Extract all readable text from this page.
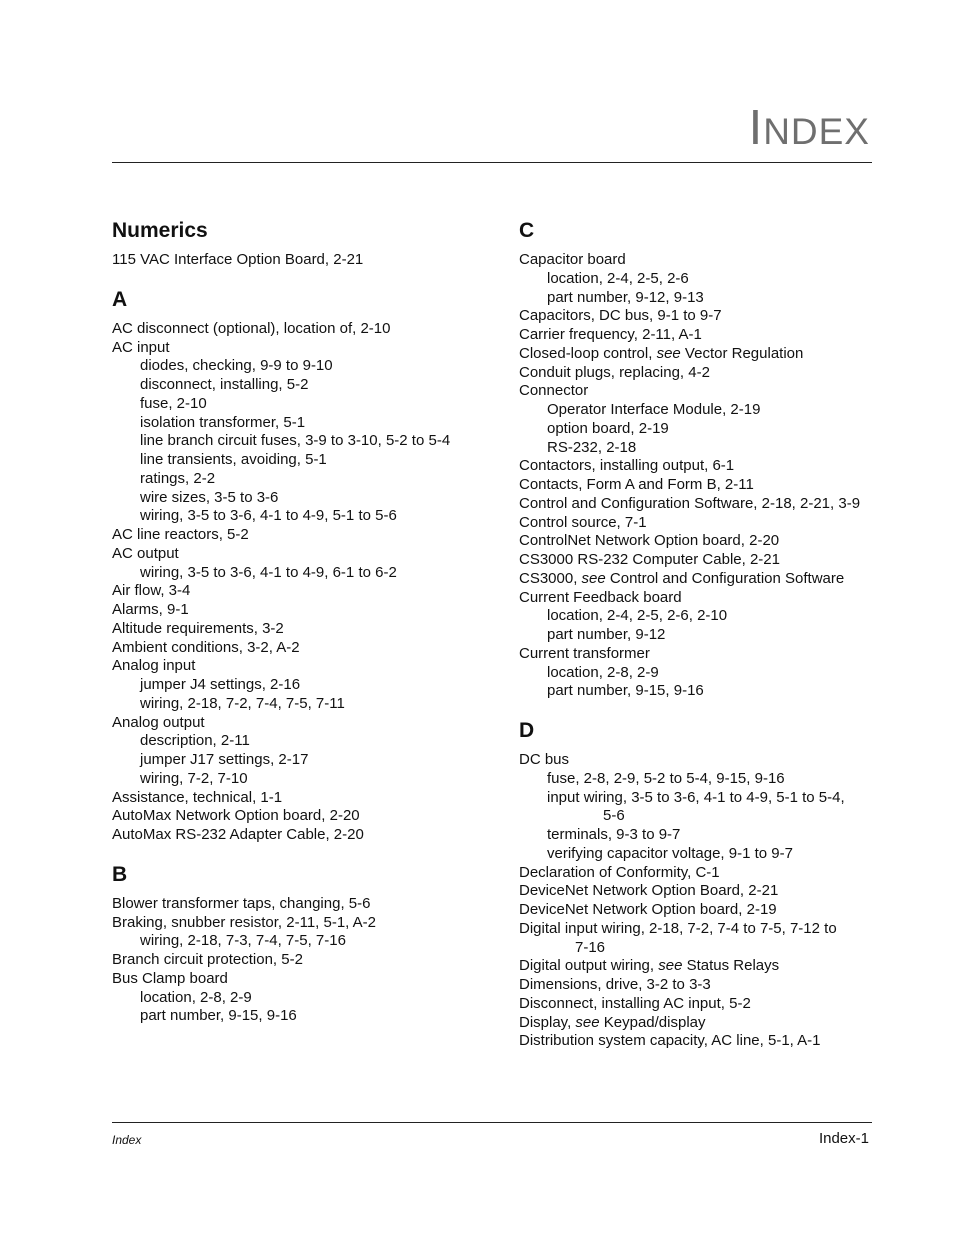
INDEX
Numerics
115 VAC Interface Option Board, 2-21
A
AC disconnect (optional), location of, 2-10
AC input
diodes, checking, 9-9 to 9-10
disconnect, installing, 5-2
fuse, 2-10
isolation transformer, 5-1
line branch circuit fuses, 3-9 to 3-10, 5-2 to 5-4
line transients, avoiding, 5-1
ratings, 2-2
wire sizes, 3-5 to 3-6
wiring, 3-5 to 3-6, 4-1 to 4-9, 5-1 to 5-6
AC line reactors, 5-2
AC output
wiring, 3-5 to 3-6, 4-1 to 4-9, 6-1 to 6-2
Air flow, 3-4
Alarms, 9-1
Altitude requirements, 3-2
Ambient conditions, 3-2, A-2
Analog input
jumper J4 settings, 2-16
wiring, 2-18, 7-2, 7-4, 7-5, 7-11
Analog output
description, 2-11
jumper J17 settings, 2-17
wiring, 7-2, 7-10
Assistance, technical, 1-1
AutoMax Network Option board, 2-20
AutoMax RS-232 Adapter Cable, 2-20
B
Blower transformer taps, changing, 5-6
Braking, snubber resistor, 2-11, 5-1, A-2
wiring, 2-18, 7-3, 7-4, 7-5, 7-16
Branch circuit protection, 5-2
Bus Clamp board
location, 2-8, 2-9
part number, 9-15, 9-16
C
Capacitor board
location, 2-4, 2-5, 2-6
part number, 9-12, 9-13
Capacitors, DC bus, 9-1 to 9-7
Carrier frequency, 2-11, A-1
Closed-loop control, see Vector Regulation
Conduit plugs, replacing, 4-2
Connector
Operator Interface Module, 2-19
option board, 2-19
RS-232, 2-18
Contactors, installing output, 6-1
Contacts, Form A and Form B, 2-11
Control and Configuration Software, 2-18, 2-21, 3-9
Control source, 7-1
ControlNet Network Option board, 2-20
CS3000 RS-232 Computer Cable, 2-21
CS3000, see Control and Configuration Software
Current Feedback board
location, 2-4, 2-5, 2-6, 2-10
part number, 9-12
Current transformer
location, 2-8, 2-9
part number, 9-15, 9-16
D
DC bus
fuse, 2-8, 2-9, 5-2 to 5-4, 9-15, 9-16
input wiring, 3-5 to 3-6, 4-1 to 4-9, 5-1 to 5-4,
5-6
terminals, 9-3 to 9-7
verifying capacitor voltage, 9-1 to 9-7
Declaration of Conformity, C-1
DeviceNet Network Option Board, 2-21
DeviceNet Network Option board, 2-19
Digital input wiring, 2-18, 7-2, 7-4 to 7-5, 7-12 to
7-16
Digital output wiring, see Status Relays
Dimensions, drive, 3-2 to 3-3
Disconnect, installing AC input, 5-2
Display, see Keypad/display
Distribution system capacity, AC line, 5-1, A-1
Index	Index-1
